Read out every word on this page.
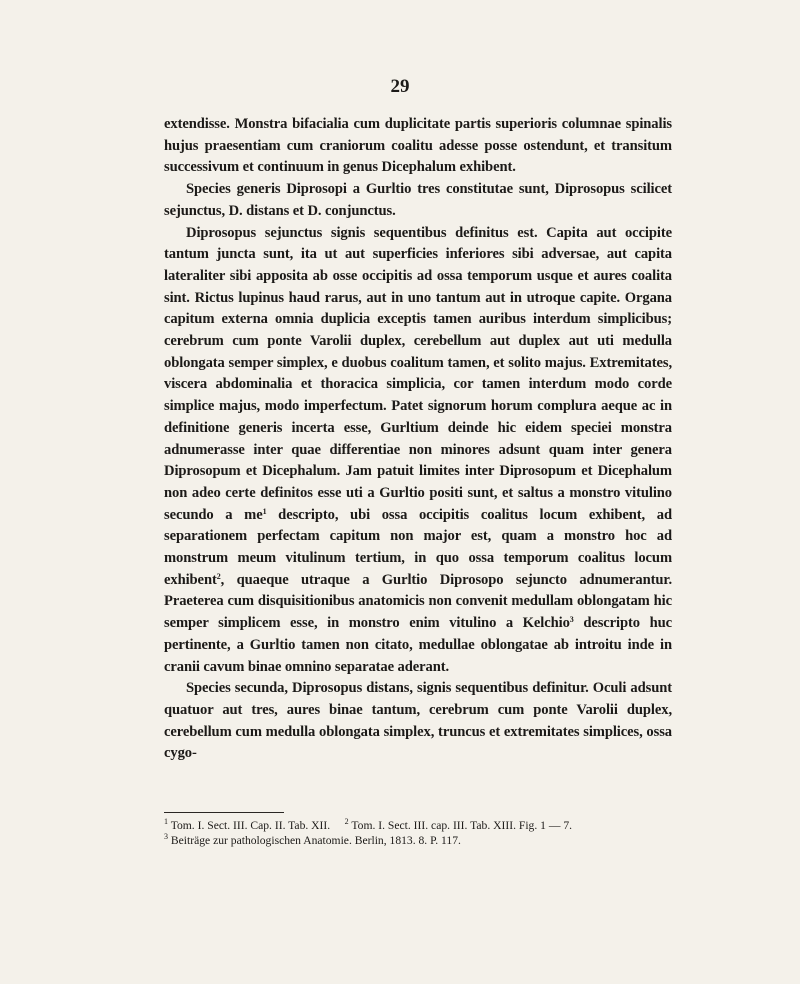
29

extendisse. Monstra bifacialia cum duplicitate partis superioris columnae spinalis hujus praesentiam cum craniorum coalitu adesse posse ostendunt, et transitum successivum et continuum in genus Dicephalum exhibent.

Species generis Diprosopi a Gurltio tres constitutae sunt, Diprosopus scilicet sejunctus, D. distans et D. conjunctus.

Diprosopus sejunctus signis sequentibus definitus est. Capita aut occipite tantum juncta sunt, ita ut aut superficies inferiores sibi adversae, aut capita lateraliter sibi apposita ab osse occipitis ad ossa temporum usque et aures coalita sint. Rictus lupinus haud rarus, aut in uno tantum aut in utroque capite. Organa capitum externa omnia duplicia exceptis tamen auribus interdum simplicibus; cerebrum cum ponte Varolii duplex, cerebellum aut duplex aut uti medulla oblongata semper simplex, e duobus coalitum tamen, et solito majus. Extremitates, viscera abdominalia et thoracica simplicia, cor tamen interdum modo corde simplice majus, modo imperfectum. Patet signorum horum complura aeque ac in definitione generis incerta esse, Gurltium deinde hic eidem speciei monstra adnumerasse inter quae differentiae non minores adsunt quam inter genera Diprosopum et Dicephalum. Jam patuit limites inter Diprosopum et Dicephalum non adeo certe definitos esse uti a Gurltio positi sunt, et saltus a monstro vitulino secundo a $me^1$ descripto, ubi ossa occipitis coalitus locum exhibent, ad separationem perfectam capitum non major est, quam a monstro hoc ad monstrum meum vitulinum tertium, in quo ossa temporum coalitus locum exhibent$^2$, quaeque utraque a Gurltio Diprosopo sejuncto adnumerantur. Praeterea cum disquisitionibus anatomicis non convenit medullam oblongatam hic semper simplicem esse, in monstro enim vitulino a Kelchio$^3$ descripto huc pertinente, a Gurltio tamen non citato, medullae oblongatae ab introitu inde in cranii cavum binae omnino separatae aderant.

Species secunda, Diprosopus distans, signis sequentibus definitur. Oculi adsunt quatuor aut tres, aures binae tantum, cerebrum cum ponte Varolii duplex, cerebellum cum medulla oblongata simplex, truncus et extremitates simplices, ossa cygo-

$^1$ Tom. I. Sect. III. Cap. II. Tab. XII. $^2$ Tom. I. Sect. III. cap. III. Tab. XIII. Fig. 1 — 7.
$^3$ Beiträge zur pathologischen Anatomie. Berlin, 1813. 8. P. 117.
